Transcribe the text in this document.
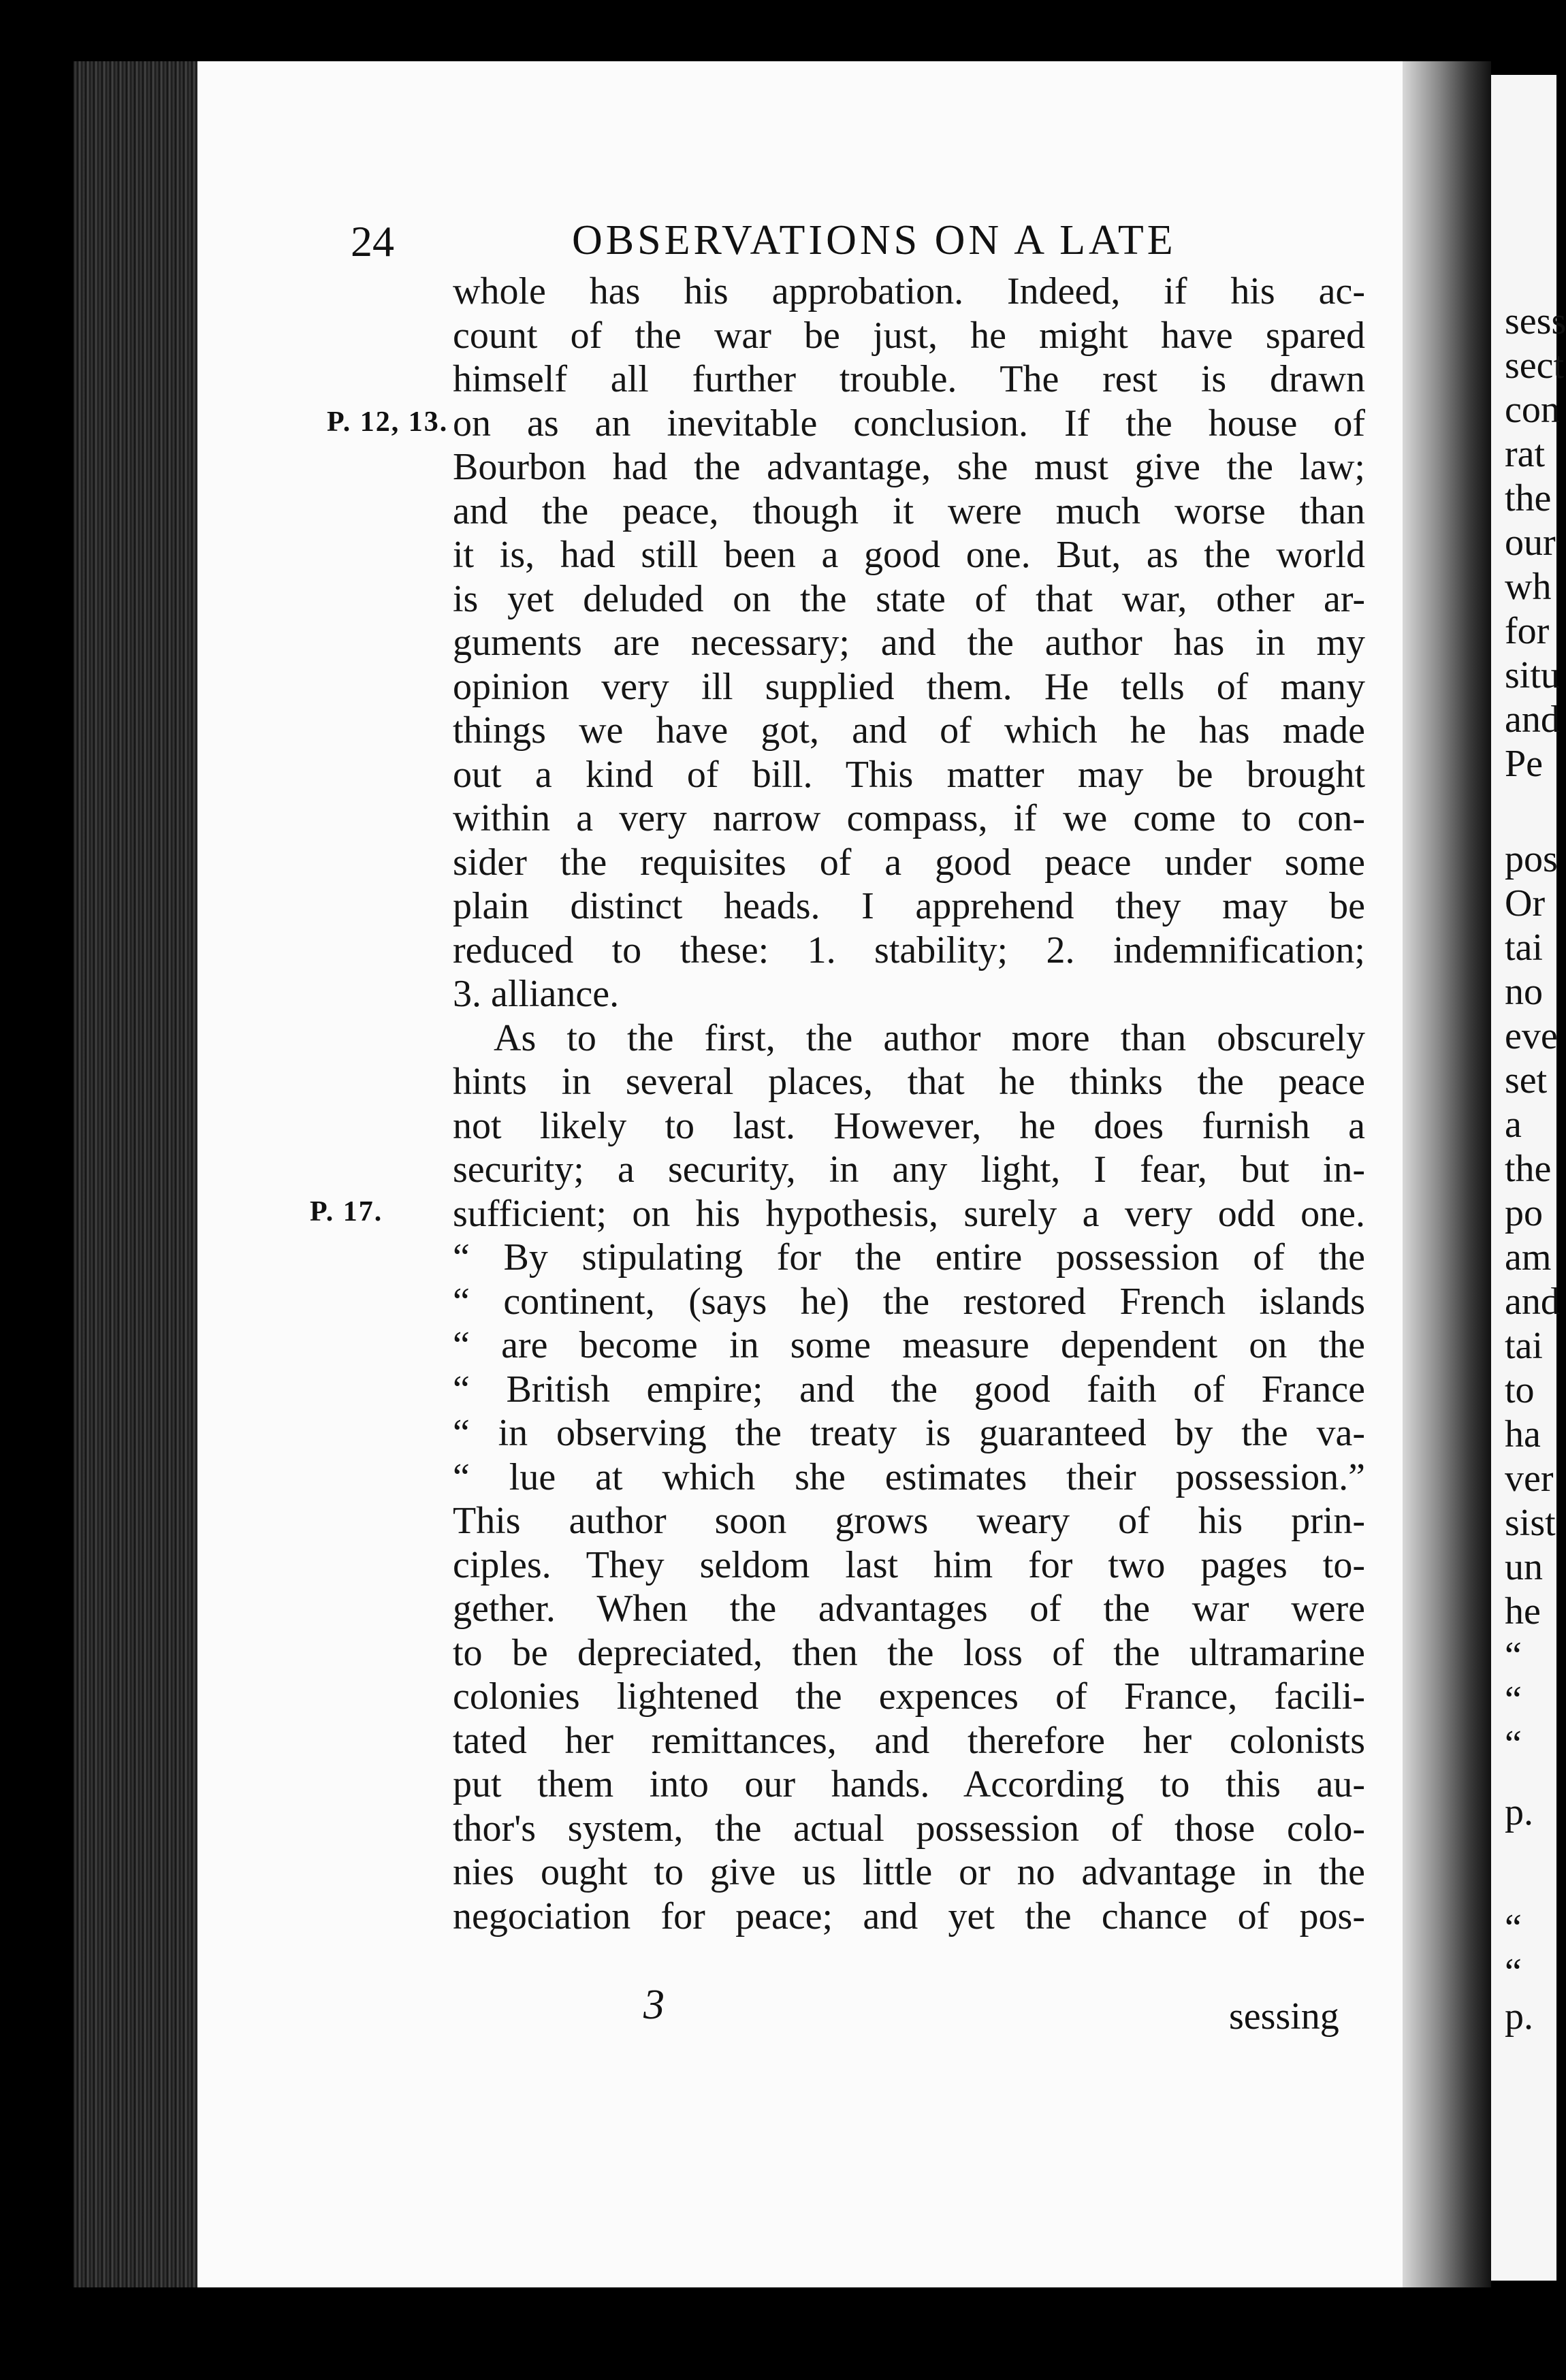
sess
sect
con
rat
the
our
wh
for
situ
and
Pe
pos
Or
tai
no
eve
set
a
the
po
am
and
tai
to
ha
ver
sist
un
he
“
“
“
p.
“
“
p.
24	OBSERVATIONS ON A LATE
P. 12, 13.
P. 17.
whole has his approbation. Indeed, if his ac-
count of the war be just, he might have spared
himself all further trouble. The rest is drawn
on as an inevitable conclusion. If the house of
Bourbon had the advantage, she must give the law;
and the peace, though it were much worse than
it is, had still been a good one. But, as the world
is yet deluded on the state of that war, other ar-
guments are necessary; and the author has in my
opinion very ill supplied them. He tells of many
things we have got, and of which he has made
out a kind of bill. This matter may be brought
within a very narrow compass, if we come to con-
sider the requisites of a good peace under some
plain distinct heads. I apprehend they may be
reduced to these: 1. stability; 2. indemnification;
3. alliance.
As to the first, the author more than obscurely
hints in several places, that he thinks the peace
not likely to last. However, he does furnish a
security; a security, in any light, I fear, but in-
sufficient; on his hypothesis, surely a very odd one.
“ By stipulating for the entire possession of the
“ continent, (says he) the restored French islands
“ are become in some measure dependent on the
“ British empire; and the good faith of France
“ in observing the treaty is guaranteed by the va-
“ lue at which she estimates their possession.”
This author soon grows weary of his prin-
ciples. They seldom last him for two pages to-
gether. When the advantages of the war were
to be depreciated, then the loss of the ultramarine
colonies lightened the expences of France, facili-
tated her remittances, and therefore her colonists
put them into our hands. According to this au-
thor's system, the actual possession of those colo-
nies ought to give us little or no advantage in the
negociation for peace; and yet the chance of pos-
3	sessing
